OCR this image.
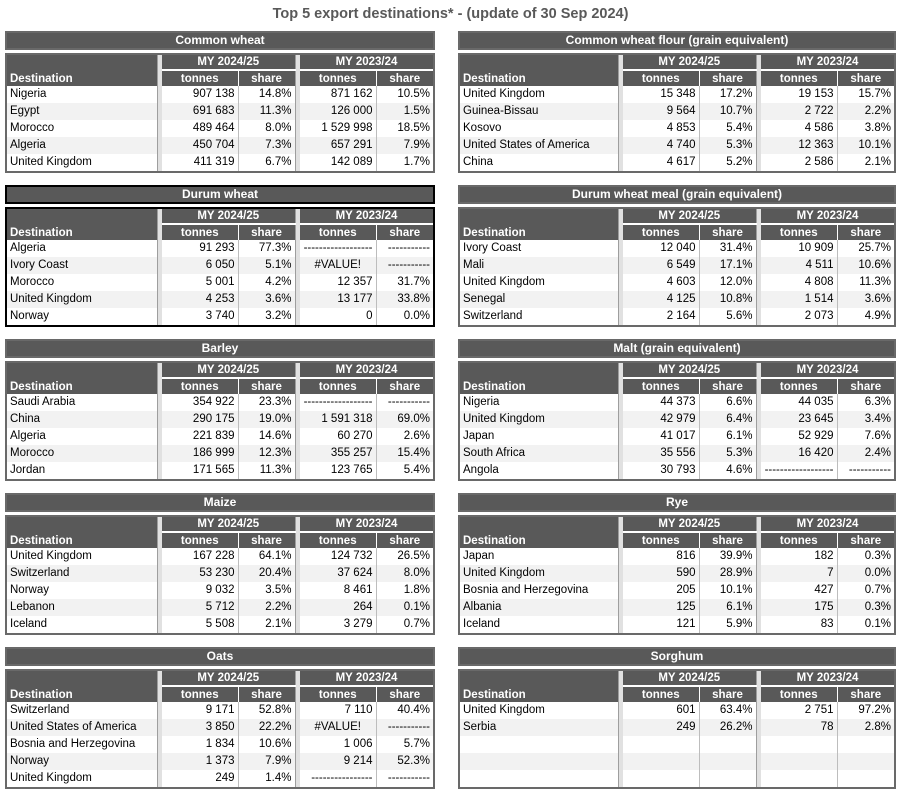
Top 5 export destinations* - (update of 30 Sep 2024)
Common wheat
Destination		MY 2024/25			MY 2023/24	
		tonnes	share		tonnes	share
Nigeria		907 138	14.8%		871 162	10.5%
Egypt		691 683	11.3%		126 000	1.5%
Morocco		489 464	8.0%		1 529 998	18.5%
Algeria		450 704	7.3%		657 291	7.9%
United Kingdom		411 319	6.7%		142 089	1.7%
Common wheat flour (grain equivalent)
Destination		MY 2024/25			MY 2023/24	
		tonnes	share		tonnes	share
United Kingdom		15 348	17.2%		19 153	15.7%
Guinea-Bissau		9 564	10.7%		2 722	2.2%
Kosovo		4 853	5.4%		4 586	3.8%
United States of America		4 740	5.3%		12 363	10.1%
China		4 617	5.2%		2 586	2.1%
Durum wheat
Destination		MY 2024/25			MY 2023/24	
		tonnes	share		tonnes	share
Algeria		91 293	77.3%		------------------	-----------
Ivory Coast		6 050	5.1%		#VALUE!	-----------
Morocco		5 001	4.2%		12 357	31.7%
United Kingdom		4 253	3.6%		13 177	33.8%
Norway		3 740	3.2%		0	0.0%
Durum wheat meal (grain equivalent)
Destination		MY 2024/25			MY 2023/24	
		tonnes	share		tonnes	share
Ivory Coast		12 040	31.4%		10 909	25.7%
Mali		6 549	17.1%		4 511	10.6%
United Kingdom		4 603	12.0%		4 808	11.3%
Senegal		4 125	10.8%		1 514	3.6%
Switzerland		2 164	5.6%		2 073	4.9%
Barley
Destination		MY 2024/25			MY 2023/24	
		tonnes	share		tonnes	share
Saudi Arabia		354 922	23.3%		------------------	-----------
China		290 175	19.0%		1 591 318	69.0%
Algeria		221 839	14.6%		60 270	2.6%
Morocco		186 999	12.3%		355 257	15.4%
Jordan		171 565	11.3%		123 765	5.4%
Malt (grain equivalent)
Destination		MY 2024/25			MY 2023/24	
		tonnes	share		tonnes	share
Nigeria		44 373	6.6%		44 035	6.3%
United Kingdom		42 979	6.4%		23 645	3.4%
Japan		41 017	6.1%		52 929	7.6%
South Africa		35 556	5.3%		16 420	2.4%
Angola		30 793	4.6%		------------------	-----------
Maize
Destination		MY 2024/25			MY 2023/24	
		tonnes	share		tonnes	share
United Kingdom		167 228	64.1%		124 732	26.5%
Switzerland		53 230	20.4%		37 624	8.0%
Norway		9 032	3.5%		8 461	1.8%
Lebanon		5 712	2.2%		264	0.1%
Iceland		5 508	2.1%		3 279	0.7%
Rye
Destination		MY 2024/25			MY 2023/24	
		tonnes	share		tonnes	share
Japan		816	39.9%		182	0.3%
United Kingdom		590	28.9%		7	0.0%
Bosnia and Herzegovina		205	10.1%		427	0.7%
Albania		125	6.1%		175	0.3%
Iceland		121	5.9%		83	0.1%
Oats
Destination		MY 2024/25			MY 2023/24	
		tonnes	share		tonnes	share
Switzerland		9 171	52.8%		7 110	40.4%
United States of America		3 850	22.2%		#VALUE!	-----------
Bosnia and Herzegovina		1 834	10.6%		1 006	5.7%
Norway		1 373	7.9%		9 214	52.3%
United Kingdom		249	1.4%		----------------	-----------
Sorghum
Destination		MY 2024/25			MY 2023/24	
		tonnes	share		tonnes	share
United Kingdom		601	63.4%		2 751	97.2%
Serbia		249	26.2%		78	2.8%
